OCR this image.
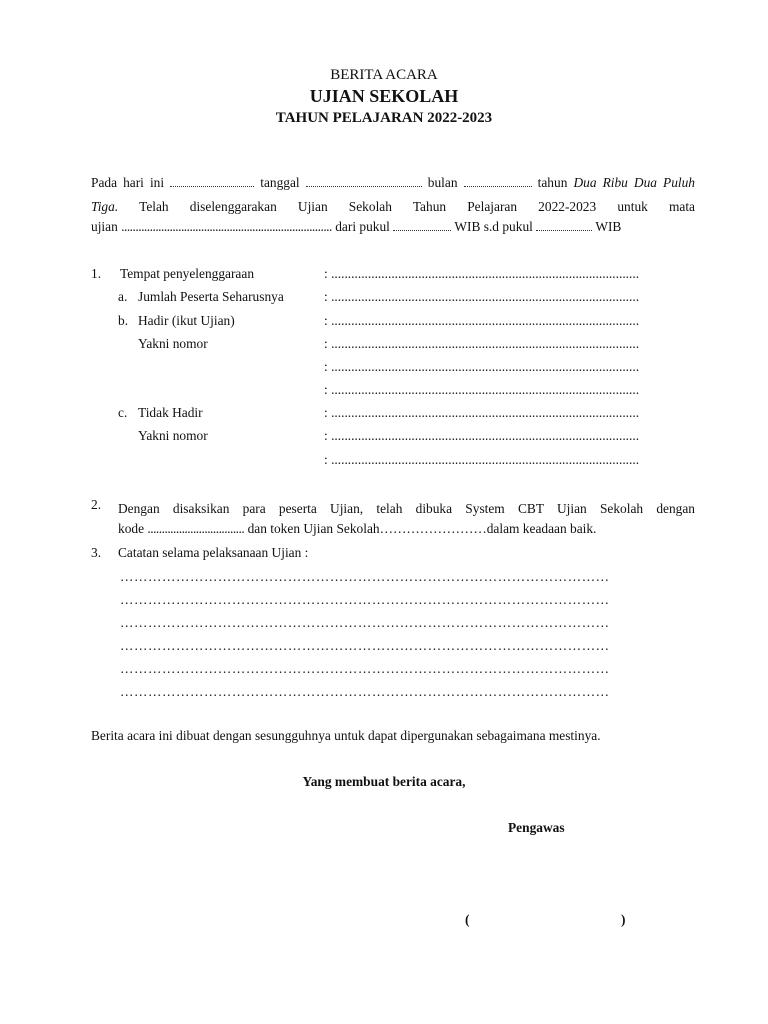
BERITA ACARA
UJIAN SEKOLAH
TAHUN PELAJARAN 2022-2023
Pada hari ini	tanggal	bulan	tahun Dua Ribu Dua Puluh
Tiga. Telah diselenggarakan Ujian Sekolah Tahun Pelajaran 2022-2023 untuk mata
ujian .......................................................................... dari pukul	WIB s.d pukul	WIB
1. Tempat penyelenggaraan	: ............................................................................................
a. Jumlah Peserta Seharusnya	: ............................................................................................
b. Hadir (ikut Ujian)	: ............................................................................................
Yakni nomor	: ............................................................................................
: ............................................................................................
: ............................................................................................
c. Tidak Hadir	: ............................................................................................
Yakni nomor	: ............................................................................................
: ............................................................................................
2. Dengan disaksikan para peserta Ujian, telah dibuka System CBT Ujian Sekolah dengan
kode .................................. dan token Ujian Sekolah……………………dalam keadaan baik.
3. Catatan selama pelaksanaan Ujian :
……………………………………………………………………………………………
……………………………………………………………………………………………
……………………………………………………………………………………………
……………………………………………………………………………………………
……………………………………………………………………………………………
……………………………………………………………………………………………
Berita acara ini dibuat dengan sesungguhnya untuk dapat dipergunakan sebagaimana mestinya.
Yang membuat berita acara,
Pengawas
(	)
